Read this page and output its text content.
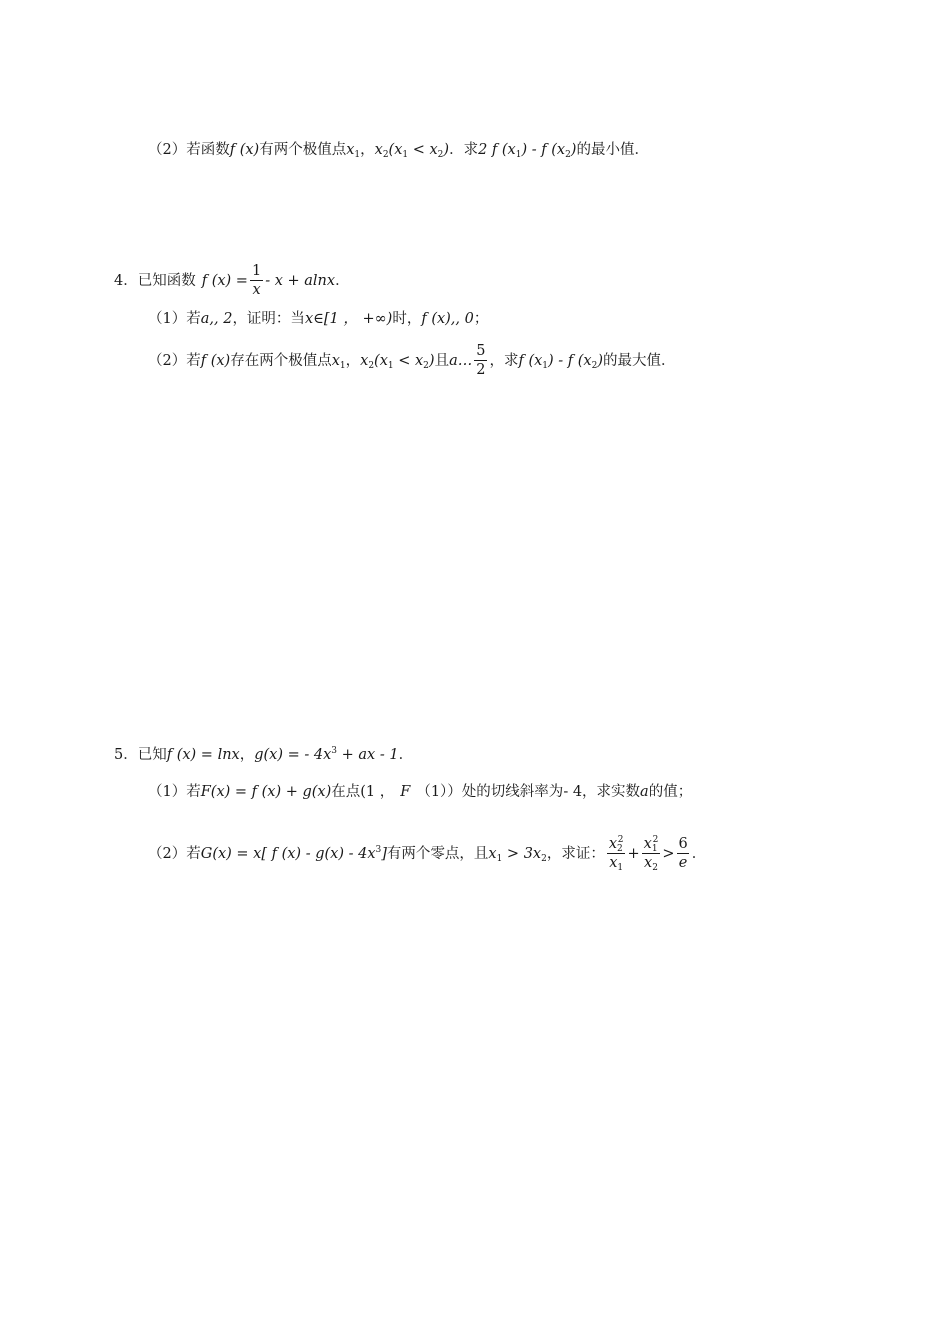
（2） 若函数 f (x) 有两个极值点 $x_1$ ， $x_2$ $(x_1 < x_2)$ ．求 2 f $(x_1)$ - f $(x_2)$ 的最小值．
4． 已知函数 f $(x) = \frac{1}{x} - x + alnx$ ．
（1） 若 a,, 2 ，证明：当 x∈[1 ， +∞) 时， f (x),, 0 ；
（2） 若 f (x) 存在两个极值点 $x_1$ ， $x_2$ $(x_1 < x_2)$ 且 a… $\frac{5}{2}$ ，求 f $(x_1)$ - f $(x_2)$ 的最大值．
5． 已知 f (x) = lnx ， g(x) = - $4x^3$ + ax - 1 ．
（1） 若 F(x) = f (x) + g(x) 在点 (1 ， F （1）） 处的切线斜率为 - 4 ，求实数 a 的值；
（2） 若 G(x) = x[ f $(x) - g(x) - 4x^3$] 有两个零点，且 $x_1 > 3x_2$ ，求证： $\frac{x_2^2}{x_1} + \frac{x_1^2}{x_2} > \frac{6}{e}$ ．
